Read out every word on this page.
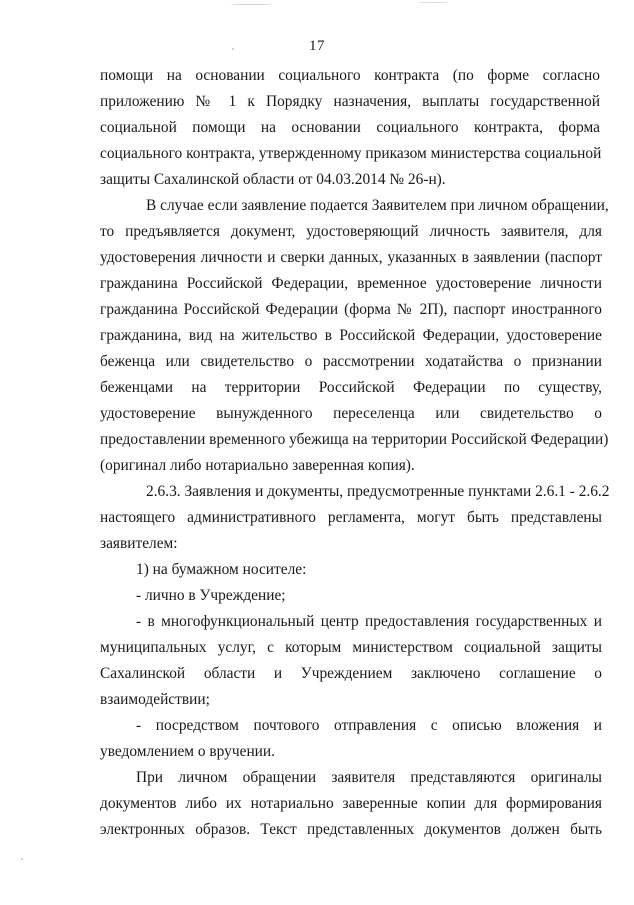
17
помощи на основании социального контракта (по форме согласно
приложению № 1 к Порядку назначения, выплаты государственной
социальной помощи на основании социального контракта, форма
социального контракта, утвержденному приказом министерства социальной
защиты Сахалинской области от 04.03.2014 № 26-н).
В случае если заявление подается Заявителем при личном обращении,
то предъявляется документ, удостоверяющий личность заявителя, для
удостоверения личности и сверки данных, указанных в заявлении (паспорт
гражданина Российской Федерации, временное удостоверение личности
гражданина Российской Федерации (форма № 2П), паспорт иностранного
гражданина, вид на жительство в Российской Федерации, удостоверение
беженца или свидетельство о рассмотрении ходатайства о признании
беженцами на территории Российской Федерации по существу,
удостоверение вынужденного переселенца или свидетельство о
предоставлении временного убежища на территории Российской Федерации)
(оригинал либо нотариально заверенная копия).
2.6.3. Заявления и документы, предусмотренные пунктами 2.6.1 - 2.6.2
настоящего административного регламента, могут быть представлены
заявителем:
1) на бумажном носителе:
- лично в Учреждение;
- в многофункциональный центр предоставления государственных и
муниципальных услуг, с которым министерством социальной защиты
Сахалинской области и Учреждением заключено соглашение о
взаимодействии;
- посредством почтового отправления с описью вложения и
уведомлением о вручении.
При личном обращении заявителя представляются оригиналы
документов либо их нотариально заверенные копии для формирования
электронных образов. Текст представленных документов должен быть
